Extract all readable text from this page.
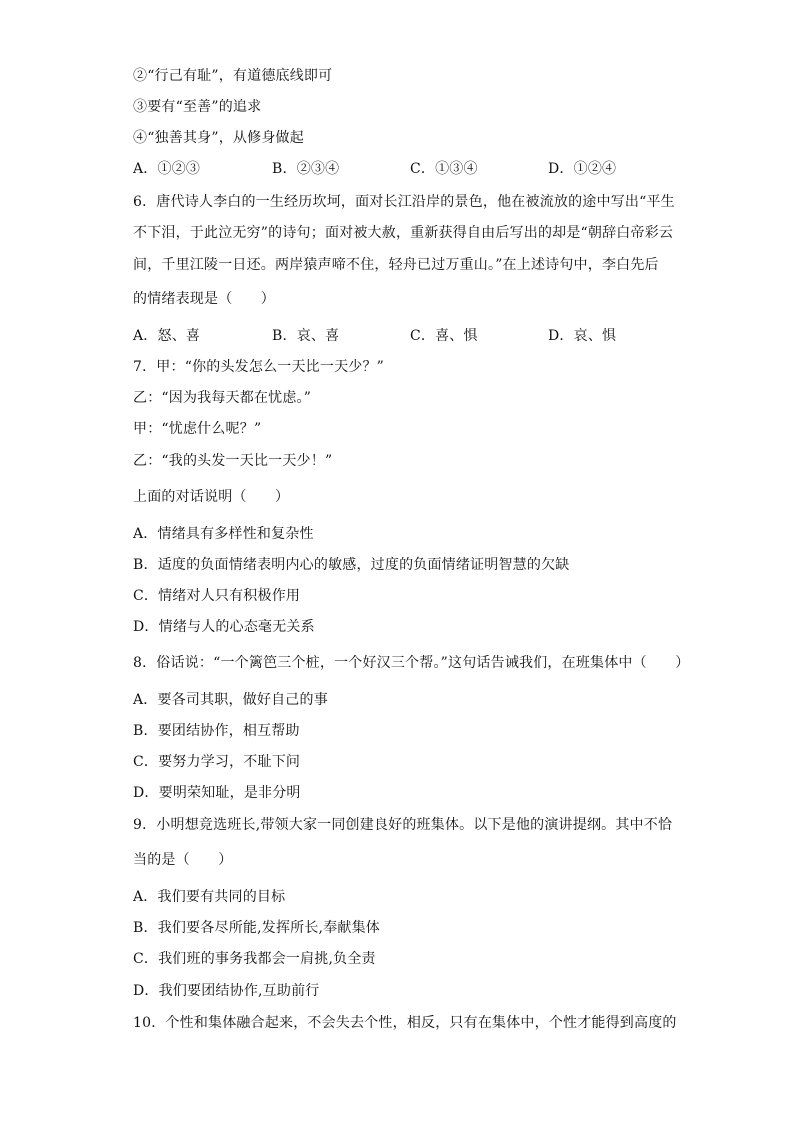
②“行己有耻”，有道德底线即可
③要有“至善”的追求
④“独善其身”，从修身做起
A．①②③	B．②③④	C．①③④	D．①②④
6．唐代诗人李白的一生经历坎坷，面对长江沿岸的景色，他在被流放的途中写出“平生
不下泪，于此泣无穷”的诗句；面对被大赦，重新获得自由后写出的却是“朝辞白帝彩云
间，千里江陵一日还。两岸猿声啼不住，轻舟已过万重山。”在上述诗句中，李白先后
的情绪表现是（　　）
A．怒、喜	B．哀、喜	C．喜、惧	D．哀、惧
7．甲：“你的头发怎么一天比一天少？”
乙：“因为我每天都在忧虑。”
甲：“忧虑什么呢？”
乙：“我的头发一天比一天少！”
上面的对话说明（　　）
A．情绪具有多样性和复杂性
B．适度的负面情绪表明内心的敏感，过度的负面情绪证明智慧的欠缺
C．情绪对人只有积极作用
D．情绪与人的心态毫无关系
8．俗话说：“一个篱笆三个桩，一个好汉三个帮。”这句话告诫我们，在班集体中（　　）
A．要各司其职，做好自己的事
B．要团结协作，相互帮助
C．要努力学习，不耻下问
D．要明荣知耻，是非分明
9．小明想竞选班长,带领大家一同创建良好的班集体。以下是他的演讲提纲。其中不恰
当的是（　　）
A．我们要有共同的目标
B．我们要各尽所能,发挥所长,奉献集体
C．我们班的事务我都会一肩挑,负全责
D．我们要团结协作,互助前行
10．个性和集体融合起来，不会失去个性，相反，只有在集体中，个性才能得到高度的
